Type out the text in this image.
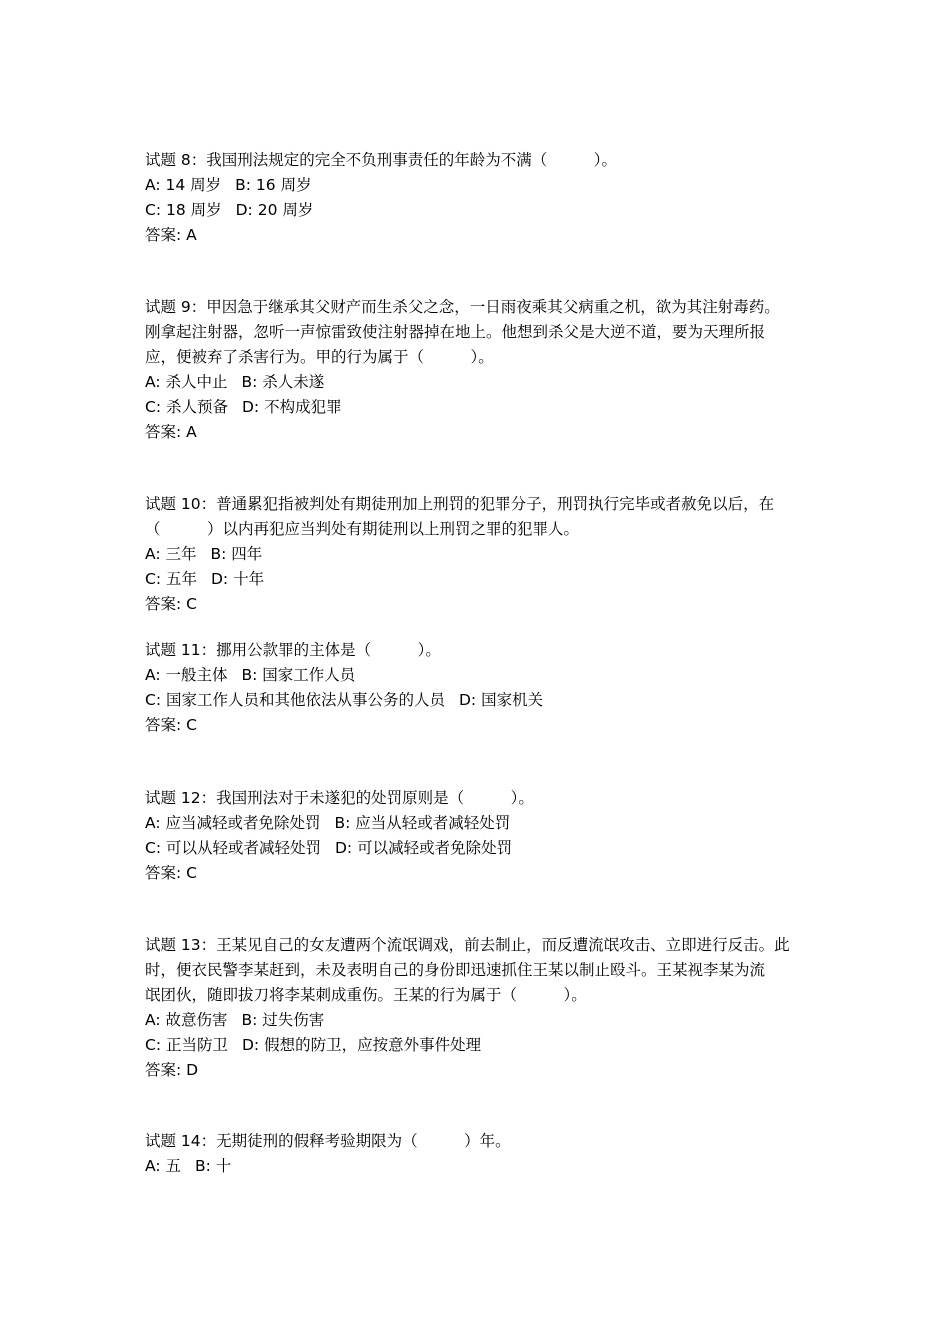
试题 8：我国刑法规定的完全不负刑事责任的年龄为不满（　　　）。
A: 14 周岁 B: 16 周岁
C: 18 周岁 D: 20 周岁
答案: A
试题 9：甲因急于继承其父财产而生杀父之念，一日雨夜乘其父病重之机，欲为其注射毒药。
刚拿起注射器，忽听一声惊雷致使注射器掉在地上。他想到杀父是大逆不道，要为天理所报
应，便被弃了杀害行为。甲的行为属于（　　　）。
A: 杀人中止 B: 杀人未遂
C: 杀人预备 D: 不构成犯罪
答案: A
试题 10：普通累犯指被判处有期徒刑加上刑罚的犯罪分子，刑罚执行完毕或者赦免以后，在
（　　　）以内再犯应当判处有期徒刑以上刑罚之罪的犯罪人。
A: 三年 B: 四年
C: 五年 D: 十年
答案: C
试题 11：挪用公款罪的主体是（　　　）。
A: 一般主体 B: 国家工作人员
C: 国家工作人员和其他依法从事公务的人员 D: 国家机关
答案: C
试题 12：我国刑法对于未遂犯的处罚原则是（　　　）。
A: 应当减轻或者免除处罚 B: 应当从轻或者减轻处罚
C: 可以从轻或者减轻处罚 D: 可以减轻或者免除处罚
答案: C
试题 13：王某见自己的女友遭两个流氓调戏，前去制止，而反遭流氓攻击、立即进行反击。此
时，便衣民警李某赶到，未及表明自己的身份即迅速抓住王某以制止殴斗。王某视李某为流
氓团伙，随即拔刀将李某刺成重伤。王某的行为属于（　　　）。
A: 故意伤害 B: 过失伤害
C: 正当防卫 D: 假想的防卫，应按意外事件处理
答案: D
试题 14：无期徒刑的假释考验期限为（　　　）年。
A: 五 B: 十
